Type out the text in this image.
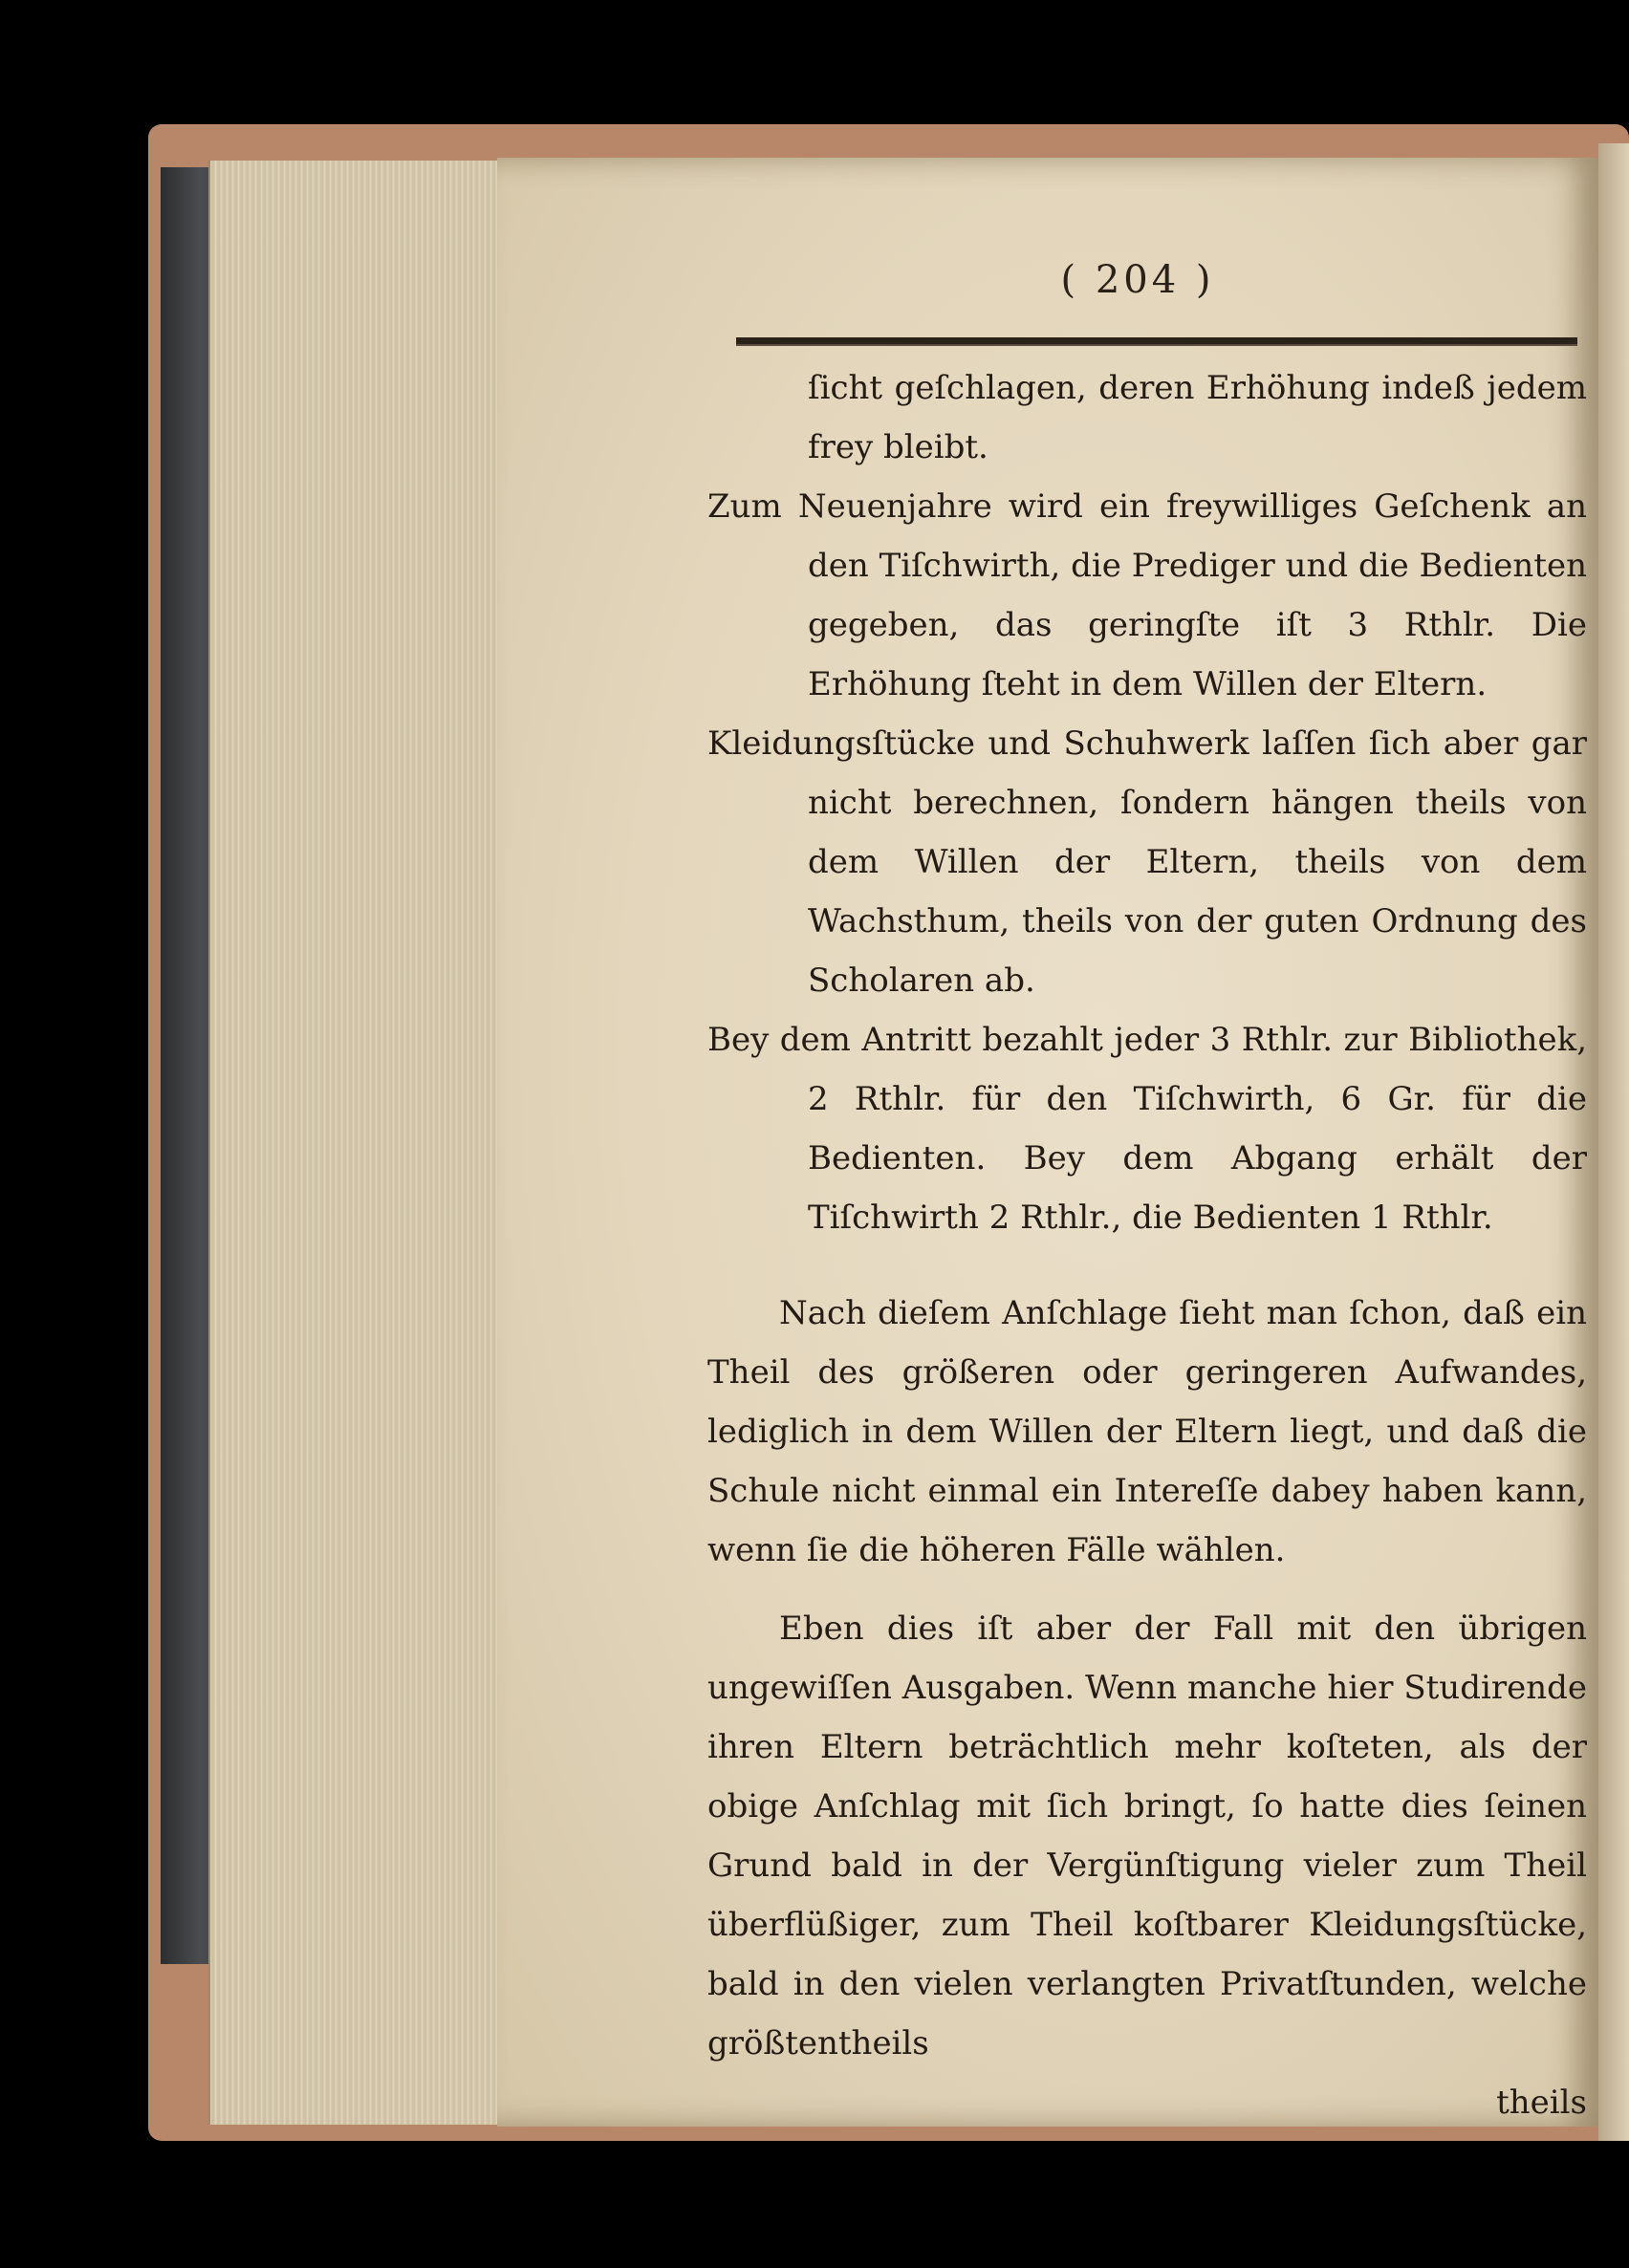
( 204 )

ſicht geſchlagen, deren Erhöhung indeß jedem frey bleibt.

Zum Neuenjahre wird ein freywilliges Geſchenk an den Tiſchwirth, die Prediger und die Bedienten gegeben, das geringſte iſt 3 Rthlr. Die Erhöhung ſteht in dem Willen der Eltern.

Kleidungsſtücke und Schuhwerk laſſen ſich aber gar nicht berechnen, ſondern hängen theils von dem Willen der Eltern, theils von dem Wachsthum, theils von der guten Ordnung des Scholaren ab.

Bey dem Antritt bezahlt jeder 3 Rthlr. zur Bibliothek, 2 Rthlr. für den Tiſchwirth, 6 Gr. für die Bedienten. Bey dem Abgang erhält der Tiſchwirth 2 Rthlr., die Bedienten 1 Rthlr.

Nach dieſem Anſchlage ſieht man ſchon, daß ein Theil des größeren oder geringeren Aufwandes, lediglich in dem Willen der Eltern liegt, und daß die Schule nicht einmal ein Intereſſe dabey haben kann, wenn ſie die höheren Fälle wählen.

Eben dies iſt aber der Fall mit den übrigen ungewiſſen Ausgaben. Wenn manche hier Studirende ihren Eltern beträchtlich mehr koſteten, als der obige Anſchlag mit ſich bringt, ſo hatte dies ſeinen Grund bald in der Vergünſtigung vieler zum Theil überflüßiger, zum Theil koſtbarer Kleidungsſtücke, bald in den vielen verlangten Privatſtunden, welche größtentheils

theils
